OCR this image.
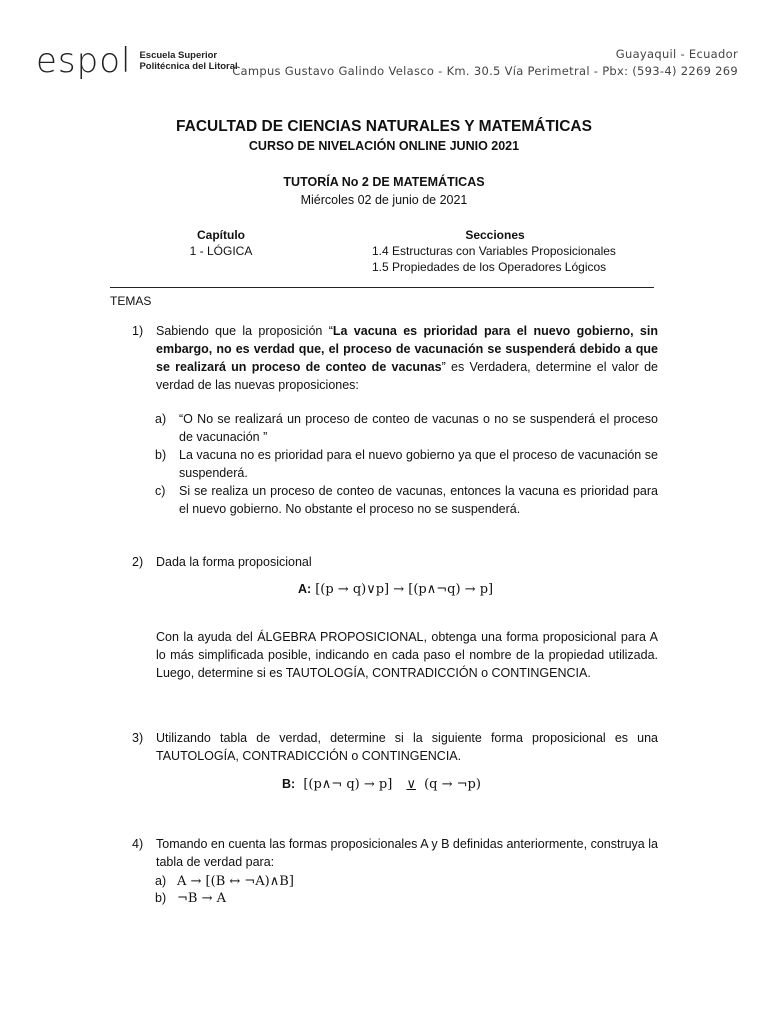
espol Escuela Superior
Politécnica del Litoral
Guayaquil - Ecuador
Campus Gustavo Galindo Velasco - Km. 30.5 Vía Perimetral - Pbx: (593-4) 2269 269
FACULTAD DE CIENCIAS NATURALES Y MATEMÁTICAS
CURSO DE NIVELACIÓN ONLINE JUNIO 2021
TUTORÍA No 2 DE MATEMÁTICAS
Miércoles 02 de junio de 2021
Capítulo
1 - LÓGICA
Secciones
1.4 Estructuras con Variables Proposicionales
1.5 Propiedades de los Operadores Lógicos
TEMAS
1) Sabiendo que la proposición “La vacuna es prioridad para el nuevo gobierno, sin embargo, no es verdad que, el proceso de vacunación se suspenderá debido a que se realizará un proceso de conteo de vacunas” es Verdadera, determine el valor de verdad de las nuevas proposiciones:
a) “O No se realizará un proceso de conteo de vacunas o no se suspenderá el proceso de vacunación ”
b) La vacuna no es prioridad para el nuevo gobierno ya que el proceso de vacunación se suspenderá.
c) Si se realiza un proceso de conteo de vacunas, entonces la vacuna es prioridad para el nuevo gobierno. No obstante el proceso no se suspenderá.
2) Dada la forma proposicional
A: [(p → q)∨p] → [(p∧¬q) → p]
Con la ayuda del ÁLGEBRA PROPOSICIONAL, obtenga una forma proposicional para A lo más simplificada posible, indicando en cada paso el nombre de la propiedad utilizada. Luego, determine si es TAUTOLOGÍA, CONTRADICCIÓN o CONTINGENCIA.
3) Utilizando tabla de verdad, determine si la siguiente forma proposicional es una TAUTOLOGÍA, CONTRADICCIÓN o CONTINGENCIA.
B: [(p∧¬ q) → p] ∨ (q → ¬p)
4) Tomando en cuenta las formas proposicionales A y B definidas anteriormente, construya la tabla de verdad para:
a) A → [(B ↔ ¬A)∧B]
b) ¬B → A
